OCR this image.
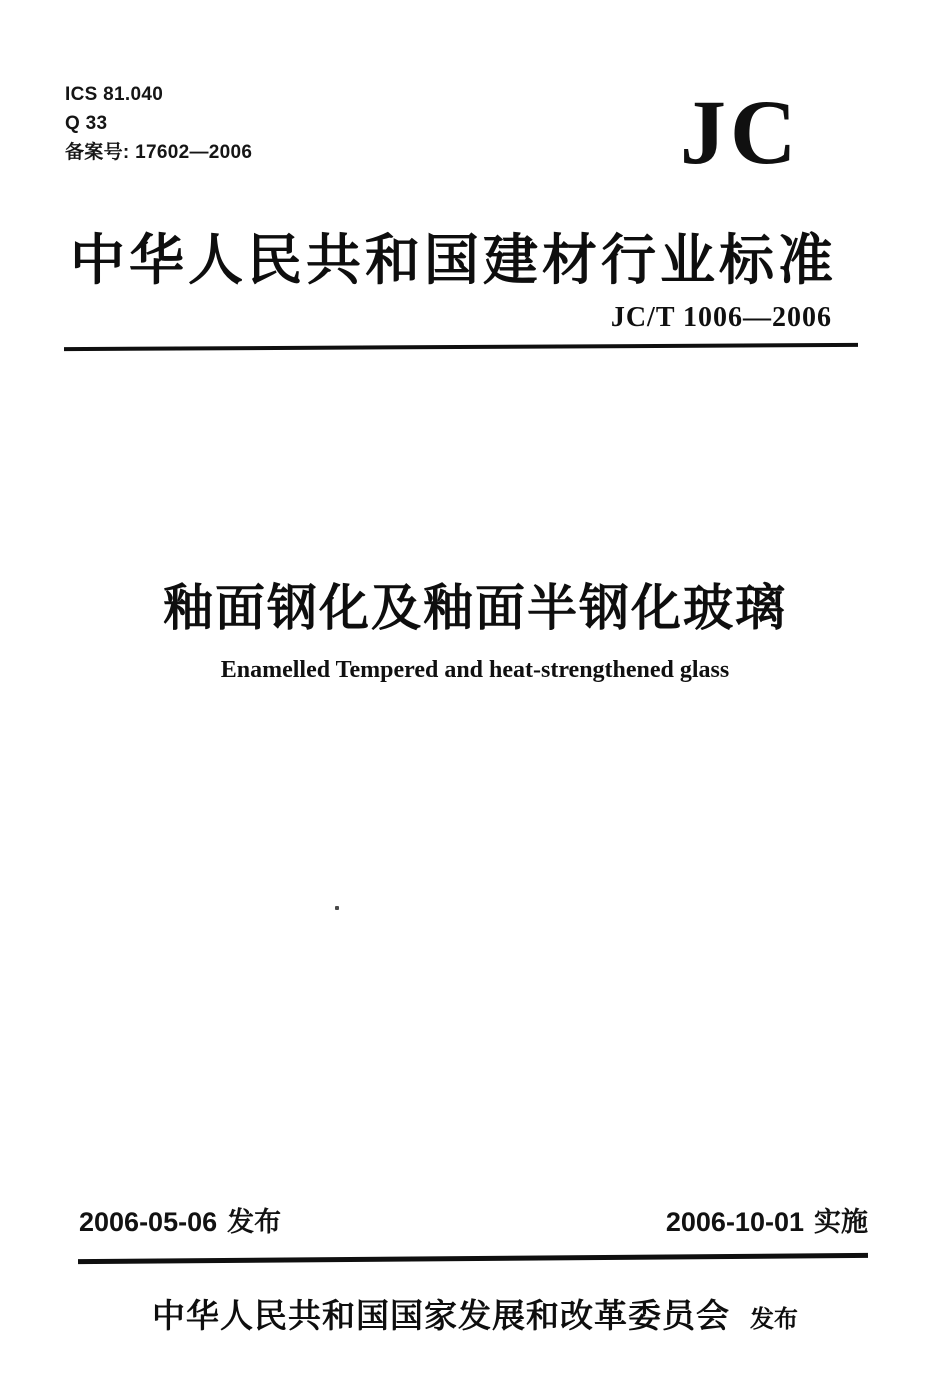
ICS 81.040
Q 33
备案号: 17602—2006	JC
中华人民共和国建材行业标准
JC/T 1006—2006
釉面钢化及釉面半钢化玻璃
Enamelled Tempered and heat-strengthened glass
2006-05-06 发布	2006-10-01 实施
中华人民共和国国家发展和改革委员会 发布
